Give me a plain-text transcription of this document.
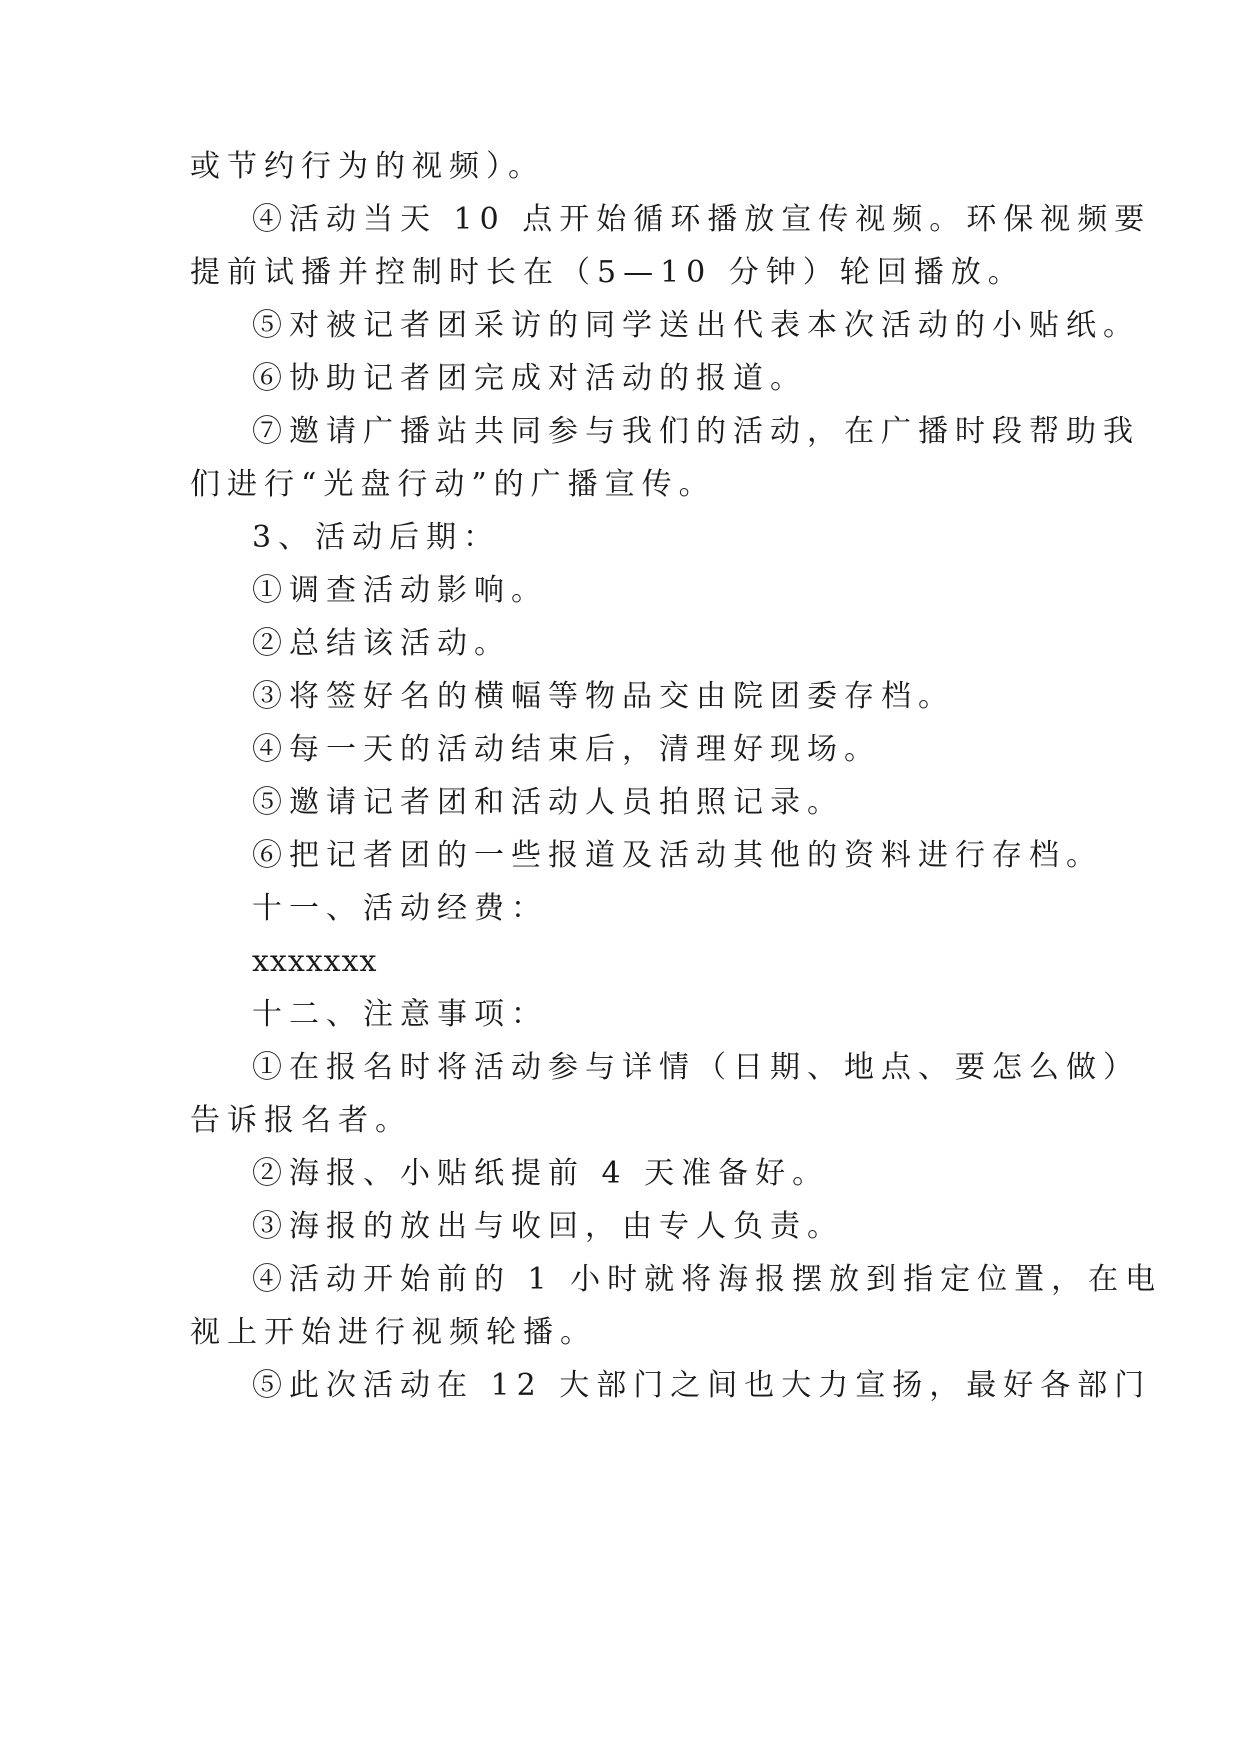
或节约行为的视频）。
④活动当天 10 点开始循环播放宣传视频。环保视频要
提前试播并控制时长在（5—10 分钟）轮回播放。
⑤对被记者团采访的同学送出代表本次活动的小贴纸。
⑥协助记者团完成对活动的报道。
⑦邀请广播站共同参与我们的活动，在广播时段帮助我
们进行“光盘行动”的广播宣传。
3、活动后期：
①调查活动影响。
②总结该活动。
③将签好名的横幅等物品交由院团委存档。
④每一天的活动结束后，清理好现场。
⑤邀请记者团和活动人员拍照记录。
⑥把记者团的一些报道及活动其他的资料进行存档。
十一、活动经费：
xxxxxxx
十二、注意事项：
①在报名时将活动参与详情（日期、地点、要怎么做）
告诉报名者。
②海报、小贴纸提前 4 天准备好。
③海报的放出与收回，由专人负责。
④活动开始前的 1 小时就将海报摆放到指定位置，在电
视上开始进行视频轮播。
⑤此次活动在 12 大部门之间也大力宣扬，最好各部门
